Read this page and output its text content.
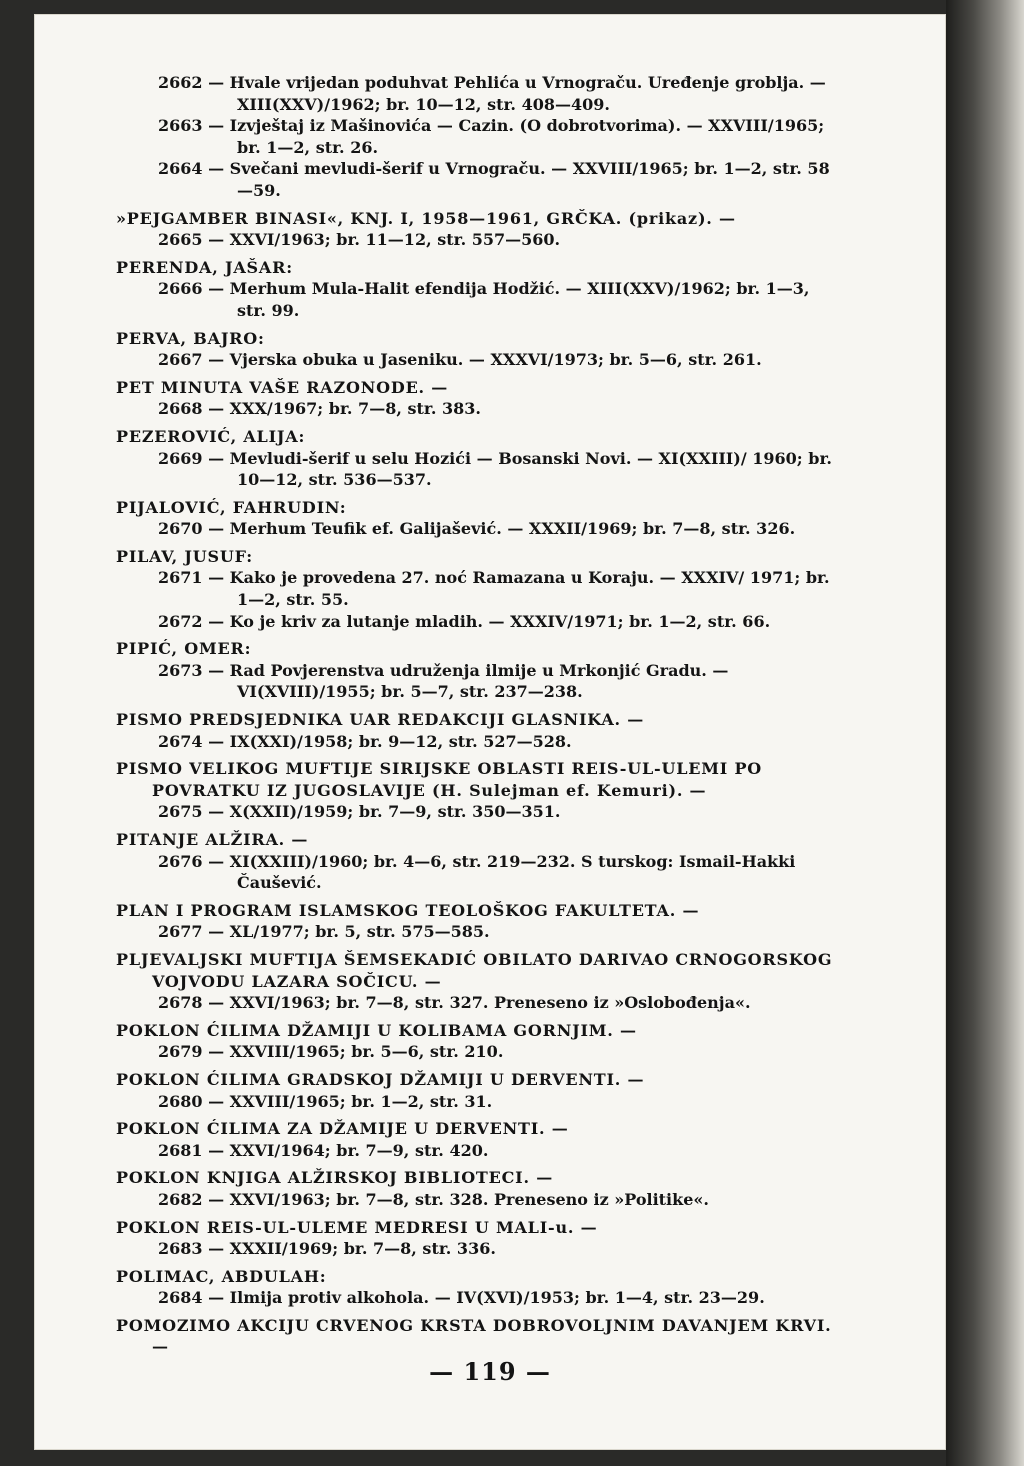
2662 — Hvale vrijedan poduhvat Pehlića u Vrnograču. Uređenje groblja. — XIII(XXV)/1962; br. 10—12, str. 408—409.

2663 — Izvještaj iz Mašinovića — Cazin. (O dobrotvorima). — XXVIII/1965; br. 1—2, str. 26.

2664 — Svečani mevludi-šerif u Vrnograču. — XXVIII/1965; br. 1—2, str. 58—59.

»PEJGAMBER BINASI«, KNJ. I, 1958—1961, GRČKA. (prikaz). —

2665 — XXVI/1963; br. 11—12, str. 557—560.

PERENDA, JAŠAR:

2666 — Merhum Mula-Halit efendija Hodžić. — XIII(XXV)/1962; br. 1—3, str. 99.

PERVA, BAJRO:

2667 — Vjerska obuka u Jaseniku. — XXXVI/1973; br. 5—6, str. 261.

PET MINUTA VAŠE RAZONODE. —

2668 — XXX/1967; br. 7—8, str. 383.

PEZEROVIĆ, ALIJA:

2669 — Mevludi-šerif u selu Hozići — Bosanski Novi. — XI(XXIII)/ 1960; br. 10—12, str. 536—537.

PIJALOVIĆ, FAHRUDIN:

2670 — Merhum Teufik ef. Galijašević. — XXXII/1969; br. 7—8, str. 326.

PILAV, JUSUF:

2671 — Kako je provedena 27. noć Ramazana u Koraju. — XXXIV/ 1971; br. 1—2, str. 55.

2672 — Ko je kriv za lutanje mladih. — XXXIV/1971; br. 1—2, str. 66.

PIPIĆ, OMER:

2673 — Rad Povjerenstva udruženja ilmije u Mrkonjić Gradu. — VI(XVIII)/1955; br. 5—7, str. 237—238.

PISMO PREDSJEDNIKA UAR REDAKCIJI GLASNIKA. —

2674 — IX(XXI)/1958; br. 9—12, str. 527—528.

PISMO VELIKOG MUFTIJE SIRIJSKE OBLASTI REIS-UL-ULEMI PO POVRATKU IZ JUGOSLAVIJE (H. Sulejman ef. Kemuri). —

2675 — X(XXII)/1959; br. 7—9, str. 350—351.

PITANJE ALŽIRA. —

2676 — XI(XXIII)/1960; br. 4—6, str. 219—232. S turskog: Ismail-Hakki Čaušević.

PLAN I PROGRAM ISLAMSKOG TEOLOŠKOG FAKULTETA. —

2677 — XL/1977; br. 5, str. 575—585.

PLJEVALJSKI MUFTIJA ŠEMSEKADIĆ OBILATO DARIVAO CRNOGORSKOG VOJVODU LAZARA SOČICU. —

2678 — XXVI/1963; br. 7—8, str. 327. Preneseno iz »Oslobođenja«.

POKLON ĆILIMA DŽAMIJI U KOLIBAMA GORNJIM. —

2679 — XXVIII/1965; br. 5—6, str. 210.

POKLON ĆILIMA GRADSKOJ DŽAMIJI U DERVENTI. —

2680 — XXVIII/1965; br. 1—2, str. 31.

POKLON ĆILIMA ZA DŽAMIJE U DERVENTI. —

2681 — XXVI/1964; br. 7—9, str. 420.

POKLON KNJIGA ALŽIRSKOJ BIBLIOTECI. —

2682 — XXVI/1963; br. 7—8, str. 328. Preneseno iz »Politike«.

POKLON REIS-UL-ULEME MEDRESI U MALI-u. —

2683 — XXXII/1969; br. 7—8, str. 336.

POLIMAC, ABDULAH:

2684 — Ilmija protiv alkohola. — IV(XVI)/1953; br. 1—4, str. 23—29.

POMOZIMO AKCIJU CRVENOG KRSTA DOBROVOLJNIM DAVANJEM KRVI. —

— 119 —
